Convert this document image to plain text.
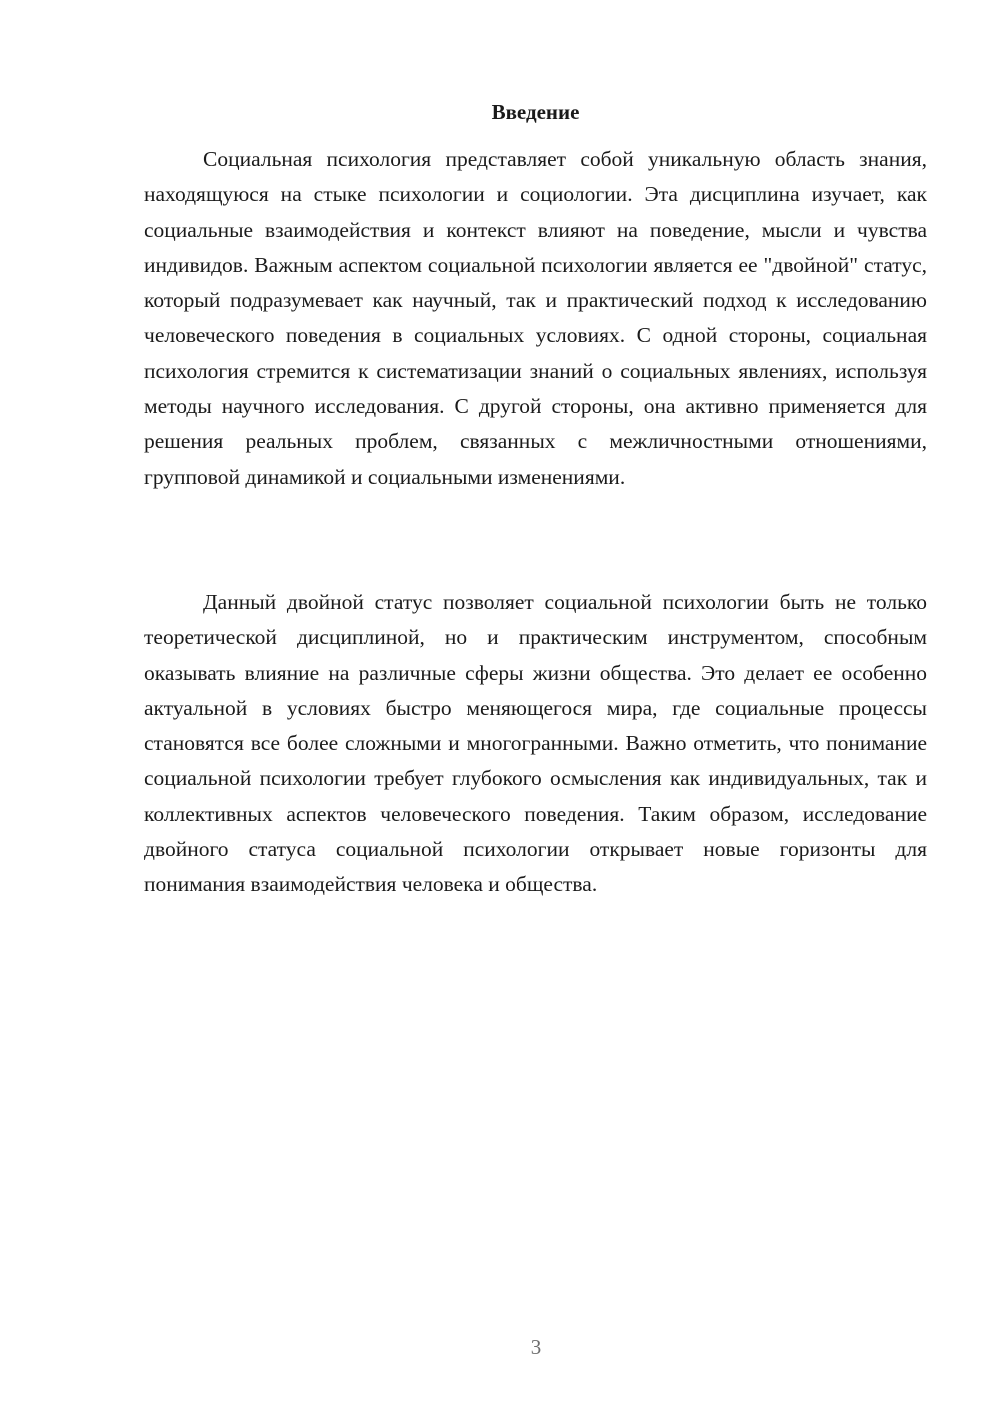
Введение

Социальная психология представляет собой уникальную область знания, находящуюся на стыке психологии и социологии. Эта дисциплина изучает, как социальные взаимодействия и контекст влияют на поведение, мысли и чувства индивидов. Важным аспектом социальной психологии является ее "двойной" статус, который подразумевает как научный, так и практический подход к исследованию человеческого поведения в социальных условиях. С одной стороны, социальная психология стремится к систематизации знаний о социальных явлениях, используя методы научного исследования. С другой стороны, она активно применяется для решения реальных проблем, связанных с межличностными отношениями, групповой динамикой и социальными изменениями.

Данный двойной статус позволяет социальной психологии быть не только теоретической дисциплиной, но и практическим инструментом, способным оказывать влияние на различные сферы жизни общества. Это делает ее особенно актуальной в условиях быстро меняющегося мира, где социальные процессы становятся все более сложными и многогранными. Важно отметить, что понимание социальной психологии требует глубокого осмысления как индивидуальных, так и коллективных аспектов человеческого поведения. Таким образом, исследование двойного статуса социальной психологии открывает новые горизонты для понимания взаимодействия человека и общества.

3
